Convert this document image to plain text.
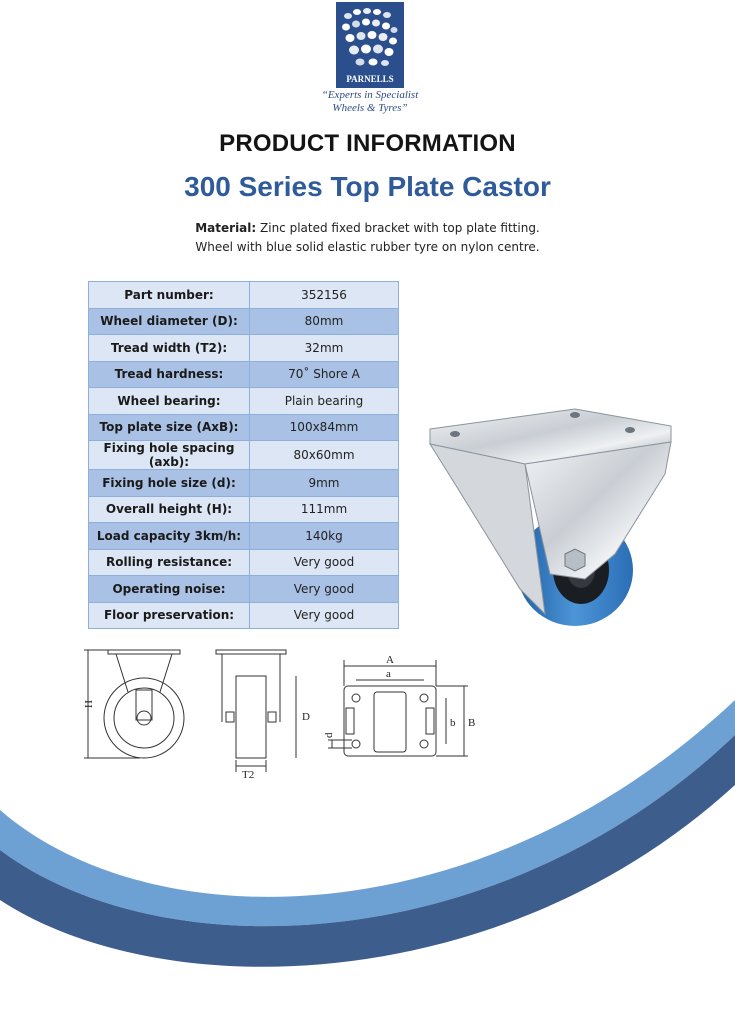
PARNELLS
“Experts in Specialist
Wheels & Tyres”
PRODUCT INFORMATION
300 Series Top Plate Castor
Material: Zinc plated fixed bracket with top plate fitting. Wheel with blue solid elastic rubber tyre on nylon centre.
Part number:	352156
Wheel diameter (D):	80mm
Tread width (T2):	32mm
Tread hardness:	70˚ Shore A
Wheel bearing:	Plain bearing
Top plate size (AxB):	100x84mm
Fixing hole spacing (axb):	80x60mm
Fixing hole size (d):	9mm
Overall height (H):	111mm
Load capacity 3km/h:	140kg
Rolling resistance:	Very good
Operating noise:	Very good
Floor preservation:	Very good
H
D
T2
A
a
b B
d
